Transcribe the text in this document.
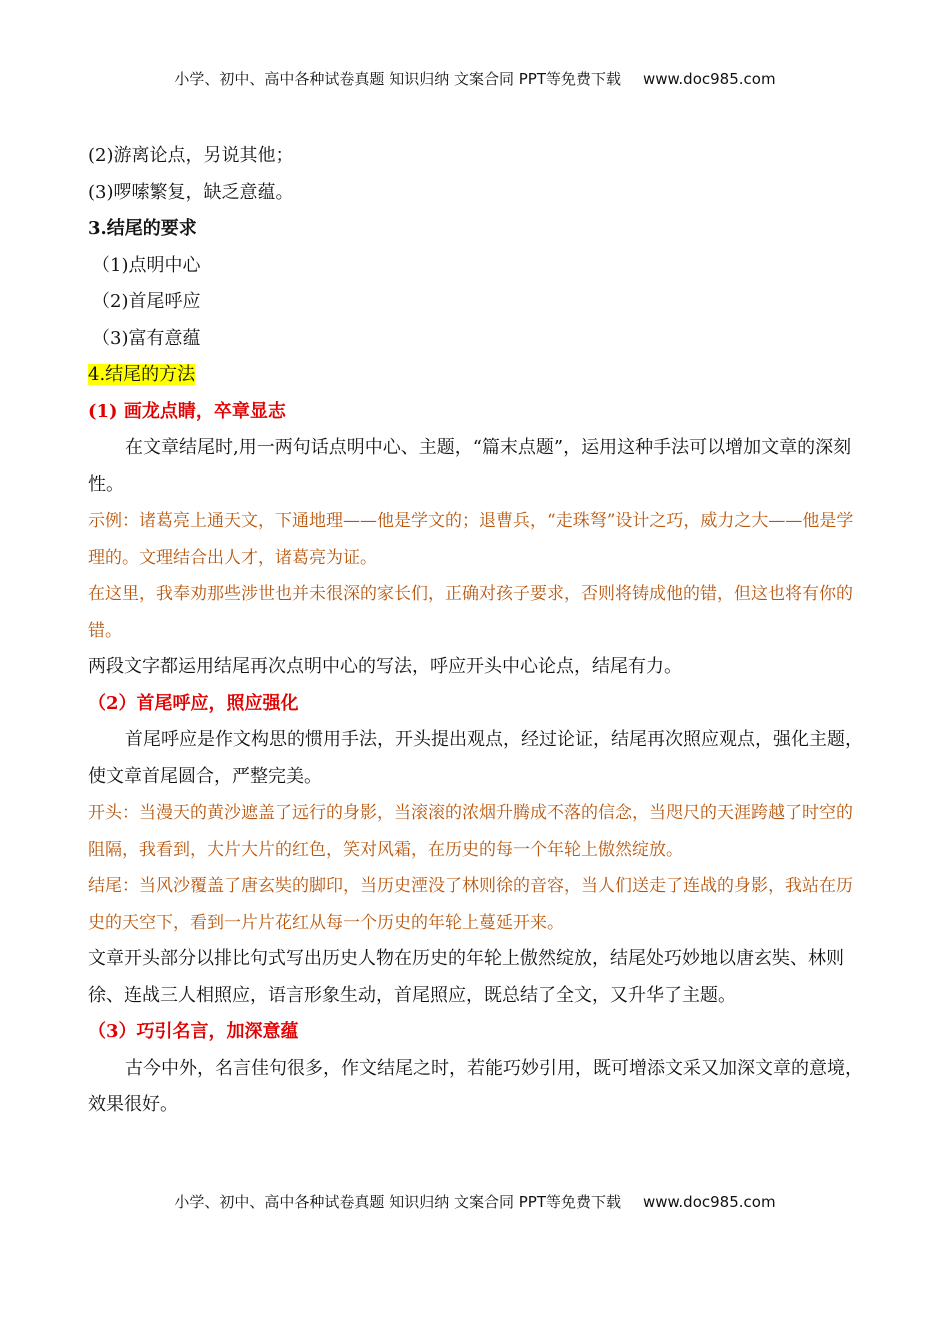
小学、初中、高中各种试卷真题 知识归纳 文案合同 PPT等免费下载 www.doc985.com

(2)游离论点，另说其他；

(3)啰嗦繁复，缺乏意蕴。

3.结尾的要求

（1)点明中心

（2)首尾呼应

（3)富有意蕴

4.结尾的方法

(1) 画龙点睛，卒章显志

在文章结尾时,用一两句话点明中心、主题，“篇末点题”，运用这种手法可以增加文章的深刻性。

示例：诸葛亮上通天文，下通地理——他是学文的；退曹兵，“走珠弩”设计之巧，威力之大——他是学理的。文理结合出人才，诸葛亮为证。

在这里，我奉劝那些涉世也并未很深的家长们，正确对孩子要求，否则将铸成他的错，但这也将有你的错。

两段文字都运用结尾再次点明中心的写法，呼应开头中心论点，结尾有力。

（2）首尾呼应，照应强化

首尾呼应是作文构思的惯用手法，开头提出观点，经过论证，结尾再次照应观点，强化主题，使文章首尾圆合，严整完美。

开头：当漫天的黄沙遮盖了远行的身影，当滚滚的浓烟升腾成不落的信念，当咫尺的天涯跨越了时空的阻隔，我看到，大片大片的红色，笑对风霜，在历史的每一个年轮上傲然绽放。

结尾：当风沙覆盖了唐玄奘的脚印，当历史湮没了林则徐的音容，当人们送走了连战的身影，我站在历史的天空下，看到一片片花红从每一个历史的年轮上蔓延开来。

文章开头部分以排比句式写出历史人物在历史的年轮上傲然绽放，结尾处巧妙地以唐玄奘、林则徐、连战三人相照应，语言形象生动，首尾照应，既总结了全文，又升华了主题。

（3）巧引名言，加深意蕴

古今中外，名言佳句很多，作文结尾之时，若能巧妙引用，既可增添文采又加深文章的意境，效果很好。

小学、初中、高中各种试卷真题 知识归纳 文案合同 PPT等免费下载 www.doc985.com
